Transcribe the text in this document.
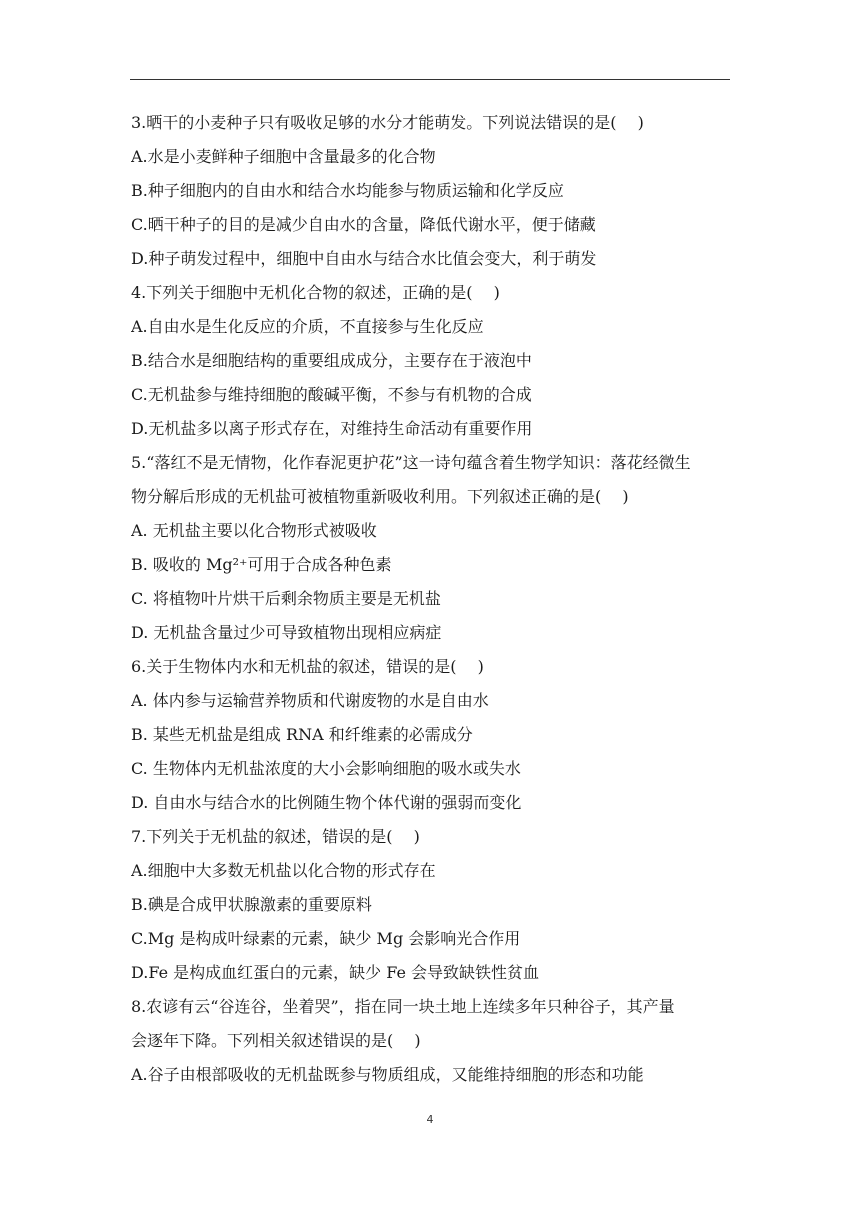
3.晒干的小麦种子只有吸收足够的水分才能萌发。下列说法错误的是(　 )
A.水是小麦鲜种子细胞中含量最多的化合物
B.种子细胞内的自由水和结合水均能参与物质运输和化学反应
C.晒干种子的目的是减少自由水的含量，降低代谢水平，便于储藏
D.种子萌发过程中，细胞中自由水与结合水比值会变大，利于萌发
4.下列关于细胞中无机化合物的叙述，正确的是(　 )
A.自由水是生化反应的介质，不直接参与生化反应
B.结合水是细胞结构的重要组成成分，主要存在于液泡中
C.无机盐参与维持细胞的酸碱平衡，不参与有机物的合成
D.无机盐多以离子形式存在，对维持生命活动有重要作用
5.“落红不是无情物，化作春泥更护花”这一诗句蕴含着生物学知识：落花经微生
物分解后形成的无机盐可被植物重新吸收利用。下列叙述正确的是(　 )
A. 无机盐主要以化合物形式被吸收
B. 吸收的 Mg²⁺可用于合成各种色素
C. 将植物叶片烘干后剩余物质主要是无机盐
D. 无机盐含量过少可导致植物出现相应病症
6.关于生物体内水和无机盐的叙述，错误的是(　 )
A. 体内参与运输营养物质和代谢废物的水是自由水
B. 某些无机盐是组成 RNA 和纤维素的必需成分
C. 生物体内无机盐浓度的大小会影响细胞的吸水或失水
D. 自由水与结合水的比例随生物个体代谢的强弱而变化
7.下列关于无机盐的叙述，错误的是(　 )
A.细胞中大多数无机盐以化合物的形式存在
B.碘是合成甲状腺激素的重要原料
C.Mg 是构成叶绿素的元素，缺少 Mg 会影响光合作用
D.Fe 是构成血红蛋白的元素，缺少 Fe 会导致缺铁性贫血
8.农谚有云“谷连谷，坐着哭”，指在同一块土地上连续多年只种谷子，其产量
会逐年下降。下列相关叙述错误的是(　 )
A.谷子由根部吸收的无机盐既参与物质组成，又能维持细胞的形态和功能
4
